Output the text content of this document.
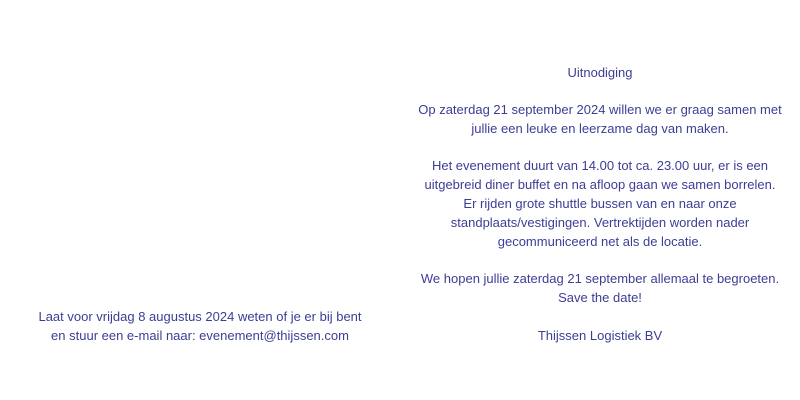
Laat voor vrijdag 8 augustus 2024 weten of je er bij bent
en stuur een e-mail naar: evenement@thijssen.com
Uitnodiging
Op zaterdag 21 september 2024 willen we er graag samen met
jullie een leuke en leerzame dag van maken.
Het evenement duurt van 14.00 tot ca. 23.00 uur, er is een
uitgebreid diner buffet en na afloop gaan we samen borrelen.
Er rijden grote shuttle bussen van en naar onze
standplaats/vestigingen. Vertrektijden worden nader
gecommuniceerd net als de locatie.
We hopen jullie zaterdag 21 september allemaal te begroeten.
Save the date!
Thijssen Logistiek BV
